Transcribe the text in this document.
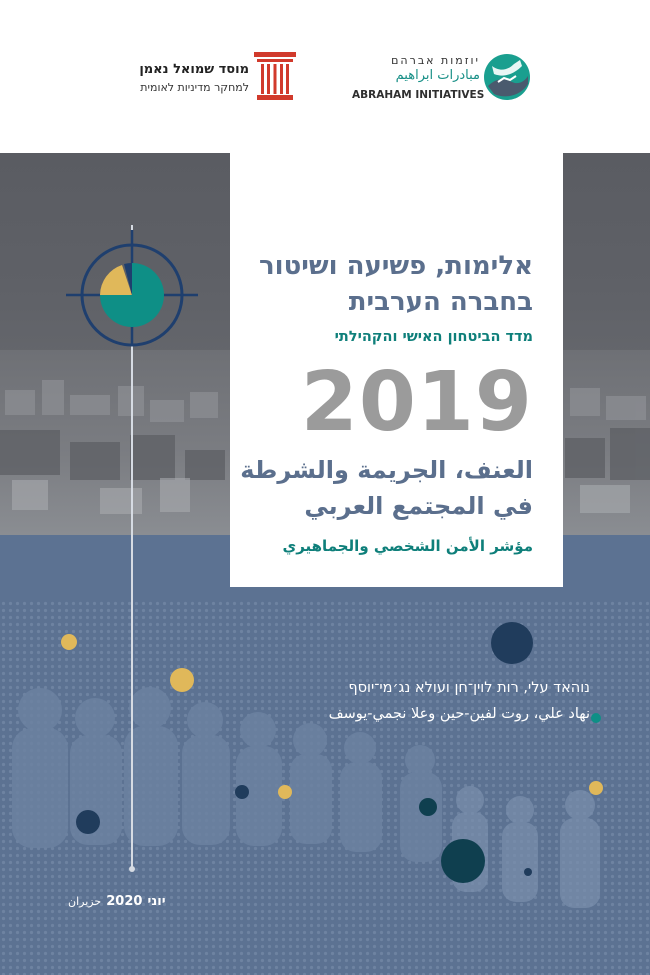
מוסד שמואל נאמן
למחקר מדיניות לאומית
יוזמות אברהם
مبادرات ابراهيم
ABRAHAM INITIATIVES
אלימות, פשיעה ושיטור
בחברה הערבית
מדד הביטחון האישי והקהילתי
2019
العنف، الجريمة والشرطة
في المجتمع العربي
مؤشر الأمن الشخصي والجماهيري
נוהאד עלי, רות לוין־חן ועולא נג׳מי־יוסף
نهاد علي، روت لفين-حين وعلا نجمي-يوسف
יוני 2020 حزيران
